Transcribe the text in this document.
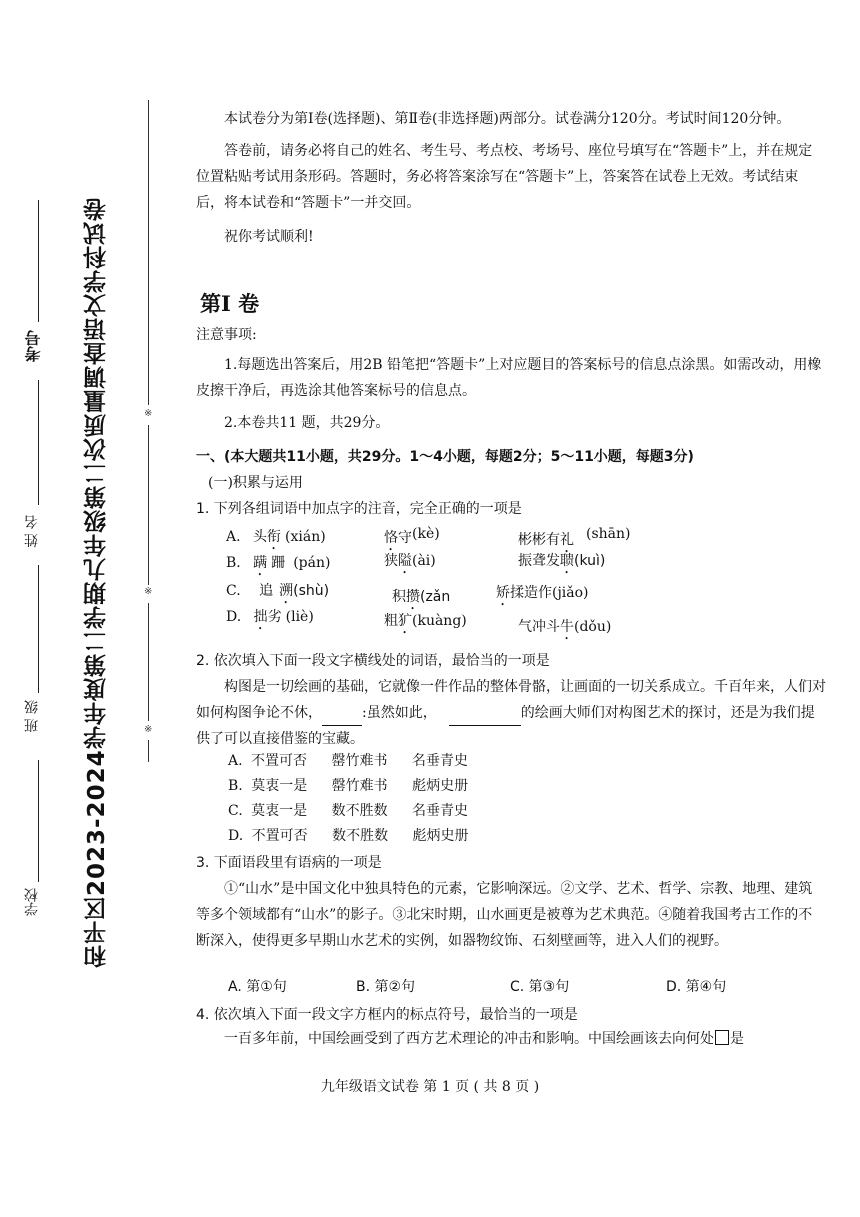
※
※
※
和平区2023-2024学年度第二学期九年级第二次质量调查语文学科试卷
考号
姓 名
班 级
学校

本试卷分为第Ⅰ卷(选择题)、第Ⅱ卷(非选择题)两部分。试卷满分120分。考试时间120分钟。

答卷前，请务必将自己的姓名、考生号、考点校、考场号、座位号填写在“答题卡”上，并在规定位置粘贴考试用条形码。答题时，务必将答案涂写在“答题卡”上，答案答在试卷上无效。考试结束后，将本试卷和“答题卡”一并交回。

祝你考试顺利!

第I 卷
注意事项:

1.每题选出答案后，用2B 铅笔把“答题卡”上对应题目的答案标号的信息点涂黑。如需改动，用橡皮擦干净后，再选涂其他答案标号的信息点。

2.本卷共11 题，共29分。

一、(本大题共11小题，共29分。1～4小题，每题2分；5～11小题，每题3分)
(一)积累与运用
1. 下列各组词语中加点字的注音，完全正确的一项是
A. 头衔 (xián)	恪守(kè)	彬彬有礼 (shān)
B. 蹒 跚 (pán)	狭隘(ài)	振聋发聩(kuì)
C. 追 溯(shù)	积攒(zǎn	矫揉造作(jiǎo)
D. 拙劣 (liè)	粗犷(kuàng)	气冲斗牛(dǒu)
2. 依次填入下面一段文字横线处的词语，最恰当的一项是

构图是一切绘画的基础，它就像一件作品的整体骨骼，让画面的一切关系成立。千百年来，人们对如何构图争论不休，	:虽然如此，	的绘画大师们对构图艺术的探讨，还是为我们提供了可以直接借鉴的宝藏。

A. 不置可否 罄竹难书 名垂青史
B. 莫衷一是 罄竹难书 彪炳史册
C. 莫衷一是 数不胜数 名垂青史
D. 不置可否 数不胜数 彪炳史册
3. 下面语段里有语病的一项是

①“山水”是中国文化中独具特色的元素，它影响深远。②文学、艺术、哲学、宗教、地理、建筑等多个领域都有“山水”的影子。③北宋时期，山水画更是被尊为艺术典范。④随着我国考古工作的不断深入，使得更多早期山水艺术的实例，如器物纹饰、石刻壁画等，进入人们的视野。

A. 第①句	B. 第②句	C. 第③句	D. 第④句
4. 依次填入下面一段文字方框内的标点符号，最恰当的一项是

一百多年前，中国绘画受到了西方艺术理论的冲击和影响。中国绘画该去向何处 是

九年级语文试卷 第 1 页 ( 共 8 页 )
